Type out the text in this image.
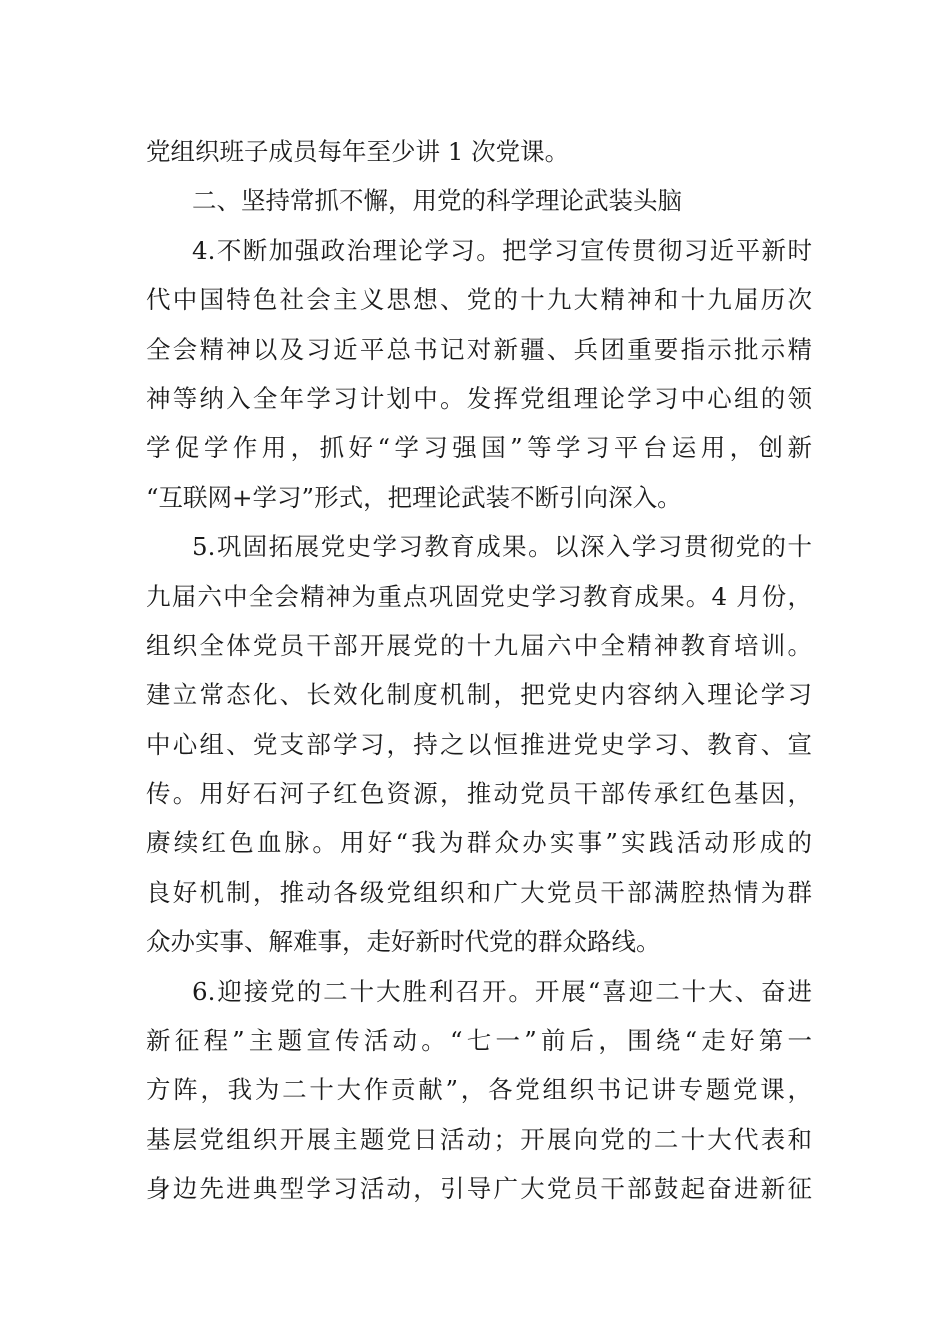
党组织班子成员每年至少讲 1 次党课。
二、坚持常抓不懈，用党的科学理论武装头脑
4.不断加强政治理论学习。把学习宣传贯彻习近平新时
代中国特色社会主义思想、党的十九大精神和十九届历次
全会精神以及习近平总书记对新疆、兵团重要指示批示精
神等纳入全年学习计划中。发挥党组理论学习中心组的领
学促学作用，抓好“学习强国”等学习平台运用，创新
“互联网+学习”形式，把理论武装不断引向深入。
5.巩固拓展党史学习教育成果。以深入学习贯彻党的十
九届六中全会精神为重点巩固党史学习教育成果。4 月份，
组织全体党员干部开展党的十九届六中全精神教育培训。
建立常态化、长效化制度机制，把党史内容纳入理论学习
中心组、党支部学习，持之以恒推进党史学习、教育、宣
传。用好石河子红色资源，推动党员干部传承红色基因，
赓续红色血脉。用好“我为群众办实事”实践活动形成的
良好机制，推动各级党组织和广大党员干部满腔热情为群
众办实事、解难事，走好新时代党的群众路线。
6.迎接党的二十大胜利召开。开展“喜迎二十大、奋进
新征程”主题宣传活动。“七一”前后，围绕“走好第一
方阵，我为二十大作贡献”，各党组织书记讲专题党课，
基层党组织开展主题党日活动；开展向党的二十大代表和
身边先进典型学习活动，引导广大党员干部鼓起奋进新征
